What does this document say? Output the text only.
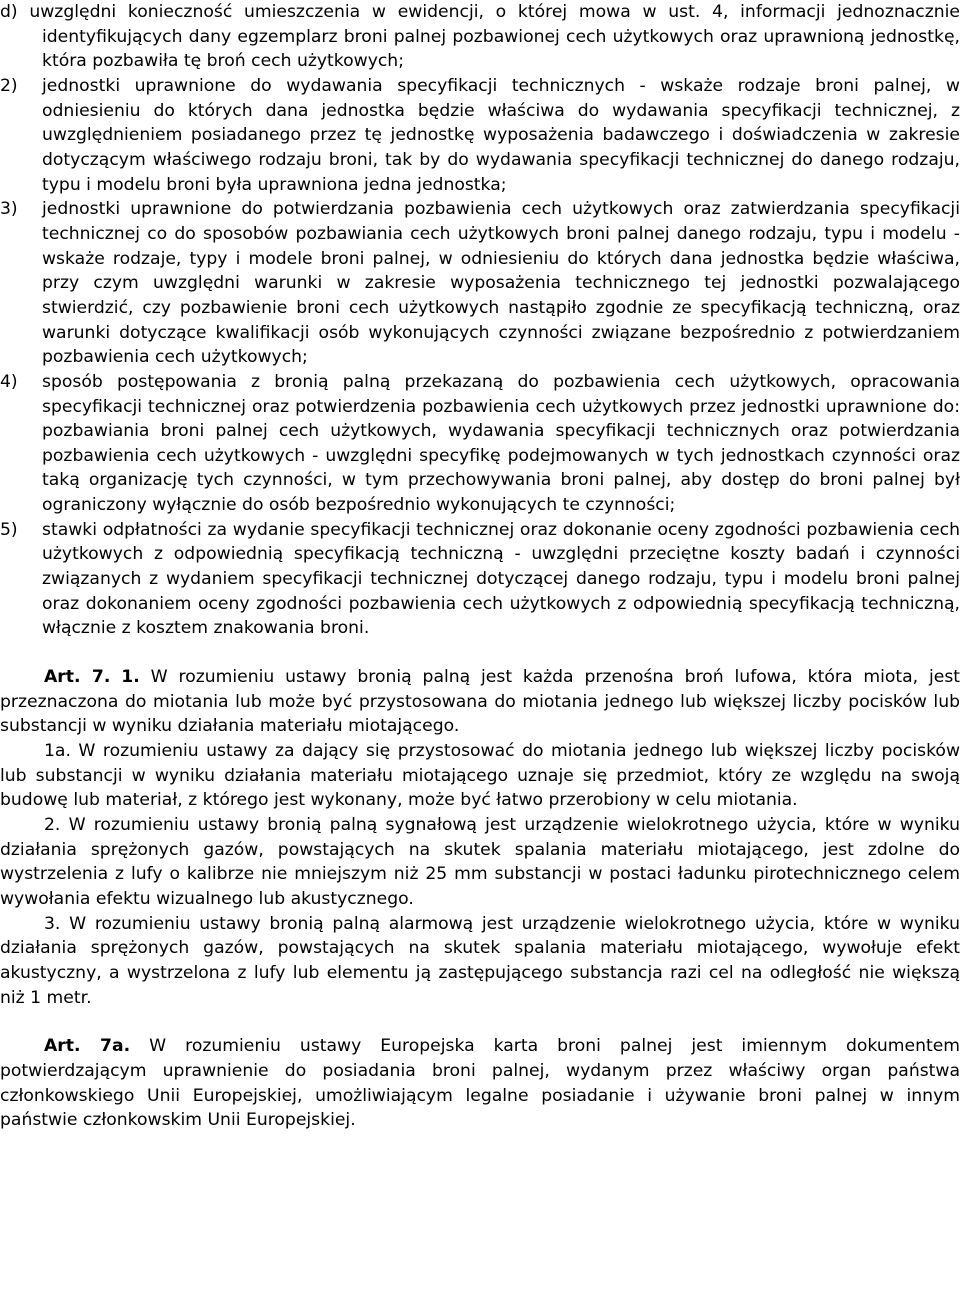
d) uwzględni konieczność umieszczenia w ewidencji, o której mowa w ust. 4, informacji jednoznacznie identyfikujących dany egzemplarz broni palnej pozbawionej cech użytkowych oraz uprawnioną jednostkę, która pozbawiła tę broń cech użytkowych;
2) jednostki uprawnione do wydawania specyfikacji technicznych - wskaże rodzaje broni palnej, w odniesieniu do których dana jednostka będzie właściwa do wydawania specyfikacji technicznej, z uwzględnieniem posiadanego przez tę jednostkę wyposażenia badawczego i doświadczenia w zakresie dotyczącym właściwego rodzaju broni, tak by do wydawania specyfikacji technicznej do danego rodzaju, typu i modelu broni była uprawniona jedna jednostka;
3) jednostki uprawnione do potwierdzania pozbawienia cech użytkowych oraz zatwierdzania specyfikacji technicznej co do sposobów pozbawiania cech użytkowych broni palnej danego rodzaju, typu i modelu - wskaże rodzaje, typy i modele broni palnej, w odniesieniu do których dana jednostka będzie właściwa, przy czym uwzględni warunki w zakresie wyposażenia technicznego tej jednostki pozwalającego stwierdzić, czy pozbawienie broni cech użytkowych nastąpiło zgodnie ze specyfikacją techniczną, oraz warunki dotyczące kwalifikacji osób wykonujących czynności związane bezpośrednio z potwierdzaniem pozbawienia cech użytkowych;
4) sposób postępowania z bronią palną przekazaną do pozbawienia cech użytkowych, opracowania specyfikacji technicznej oraz potwierdzenia pozbawienia cech użytkowych przez jednostki uprawnione do: pozbawiania broni palnej cech użytkowych, wydawania specyfikacji technicznych oraz potwierdzania pozbawienia cech użytkowych - uwzględni specyfikę podejmowanych w tych jednostkach czynności oraz taką organizację tych czynności, w tym przechowywania broni palnej, aby dostęp do broni palnej był ograniczony wyłącznie do osób bezpośrednio wykonujących te czynności;
5) stawki odpłatności za wydanie specyfikacji technicznej oraz dokonanie oceny zgodności pozbawienia cech użytkowych z odpowiednią specyfikacją techniczną - uwzględni przeciętne koszty badań i czynności związanych z wydaniem specyfikacji technicznej dotyczącej danego rodzaju, typu i modelu broni palnej oraz dokonaniem oceny zgodności pozbawienia cech użytkowych z odpowiednią specyfikacją techniczną, włącznie z kosztem znakowania broni.
Art. 7. 1. W rozumieniu ustawy bronią palną jest każda przenośna broń lufowa, która miota, jest przeznaczona do miotania lub może być przystosowana do miotania jednego lub większej liczby pocisków lub substancji w wyniku działania materiału miotającego.
1a. W rozumieniu ustawy za dający się przystosować do miotania jednego lub większej liczby pocisków lub substancji w wyniku działania materiału miotającego uznaje się przedmiot, który ze względu na swoją budowę lub materiał, z którego jest wykonany, może być łatwo przerobiony w celu miotania.
2. W rozumieniu ustawy bronią palną sygnałową jest urządzenie wielokrotnego użycia, które w wyniku działania sprężonych gazów, powstających na skutek spalania materiału miotającego, jest zdolne do wystrzelenia z lufy o kalibrze nie mniejszym niż 25 mm substancji w postaci ładunku pirotechnicznego celem wywołania efektu wizualnego lub akustycznego.
3. W rozumieniu ustawy bronią palną alarmową jest urządzenie wielokrotnego użycia, które w wyniku działania sprężonych gazów, powstających na skutek spalania materiału miotającego, wywołuje efekt akustyczny, a wystrzelona z lufy lub elementu ją zastępującego substancja razi cel na odległość nie większą niż 1 metr.
Art. 7a. W rozumieniu ustawy Europejska karta broni palnej jest imiennym dokumentem potwierdzającym uprawnienie do posiadania broni palnej, wydanym przez właściwy organ państwa członkowskiego Unii Europejskiej, umożliwiającym legalne posiadanie i używanie broni palnej w innym państwie członkowskim Unii Europejskiej.
